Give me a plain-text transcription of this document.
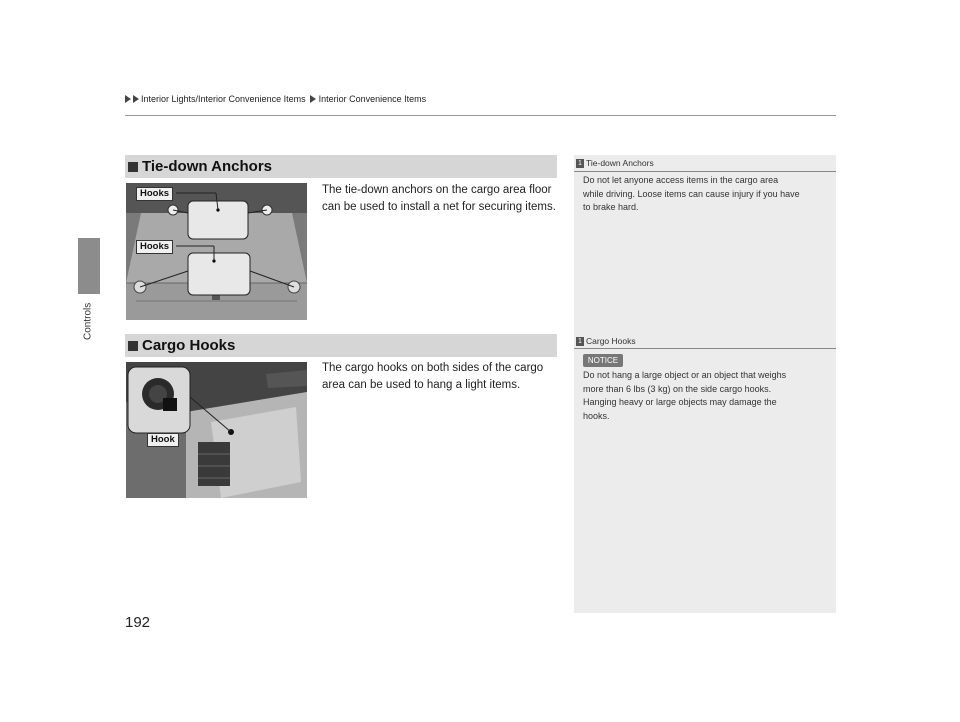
Interior Lights/Interior Convenience Items Interior Convenience Items
Controls
1 Tie-down Anchors
Do not let anyone access items in the cargo area
while driving. Loose items can cause injury if you have
to brake hard.
1 Cargo Hooks
NOTICE
Do not hang a large object or an object that weighs
more than 6 lbs (3 kg) on the side cargo hooks.
Hanging heavy or large objects may damage the
hooks.
Tie-down Anchors
Hooks
Hooks
The tie-down anchors on the cargo area floor
can be used to install a net for securing items.
Cargo Hooks
Hook
The cargo hooks on both sides of the cargo
area can be used to hang a light items.
192
